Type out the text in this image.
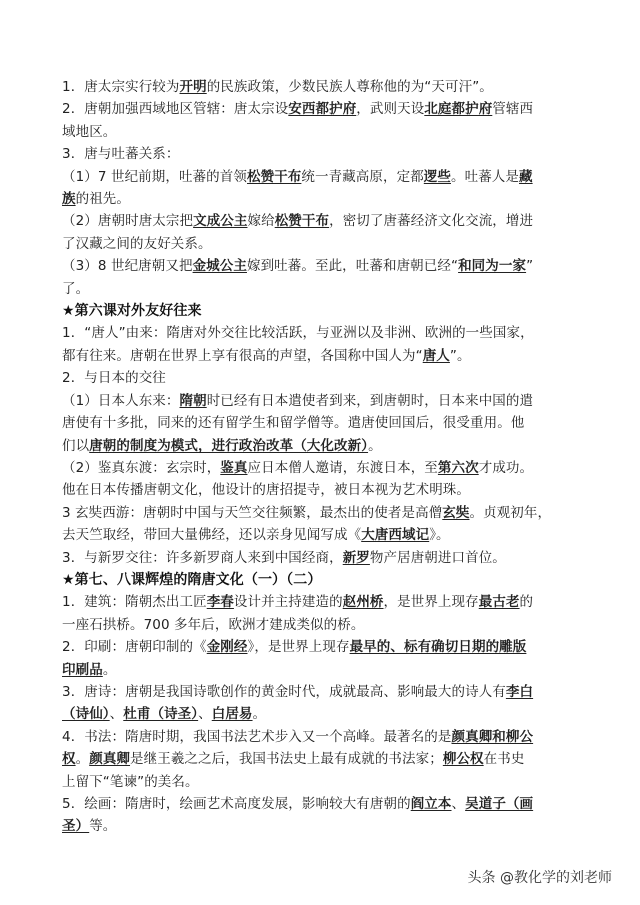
1．唐太宗实行较为开明的民族政策，少数民族人尊称他的为“天可汗”。
2．唐朝加强西域地区管辖：唐太宗设安西都护府，武则天设北庭都护府管辖西
域地区。
3．唐与吐蕃关系：
（1）7 世纪前期，吐蕃的首领松赞干布统一青藏高原，定都逻些。吐蕃人是藏
族的祖先。
（2）唐朝时唐太宗把文成公主嫁给松赞干布，密切了唐蕃经济文化交流，增进
了汉藏之间的友好关系。
（3）8 世纪唐朝又把金城公主嫁到吐蕃。至此，吐蕃和唐朝已经“和同为一家”
了。
★第六课对外友好往来
1．“唐人”由来：隋唐对外交往比较活跃，与亚洲以及非洲、欧洲的一些国家，
都有往来。唐朝在世界上享有很高的声望，各国称中国人为“唐人”。
2．与日本的交往
（1）日本人东来：隋朝时已经有日本遣使者到来，到唐朝时，日本来中国的遣
唐使有十多批，同来的还有留学生和留学僧等。遣唐使回国后，很受重用。他
们以唐朝的制度为模式，进行政治改革（大化改新）。
（2）鉴真东渡：玄宗时，鉴真应日本僧人邀请，东渡日本，至第六次才成功。
他在日本传播唐朝文化，他设计的唐招提寺，被日本视为艺术明珠。
3 玄奘西游：唐朝时中国与天竺交往频繁，最杰出的使者是高僧玄奘。贞观初年，
去天竺取经，带回大量佛经，还以亲身见闻写成《大唐西域记》。
3．与新罗交往：许多新罗商人来到中国经商，新罗物产居唐朝进口首位。
★第七、八课辉煌的隋唐文化（一）（二）
1．建筑：隋朝杰出工匠李春设计并主持建造的赵州桥，是世界上现存最古老的
一座石拱桥。700 多年后，欧洲才建成类似的桥。
2．印刷：唐朝印制的《金刚经》，是世界上现存最早的、标有确切日期的雕版
印刷品。
3．唐诗：唐朝是我国诗歌创作的黄金时代，成就最高、影响最大的诗人有李白
（诗仙）、杜甫（诗圣）、白居易。
4．书法：隋唐时期，我国书法艺术步入又一个高峰。最著名的是颜真卿和柳公
权。颜真卿是继王羲之之后，我国书法史上最有成就的书法家；柳公权在书史
上留下“笔谏”的美名。
5．绘画：隋唐时，绘画艺术高度发展，影响较大有唐朝的阎立本、吴道子（画
圣）等。
头条 @教化学的刘老师
